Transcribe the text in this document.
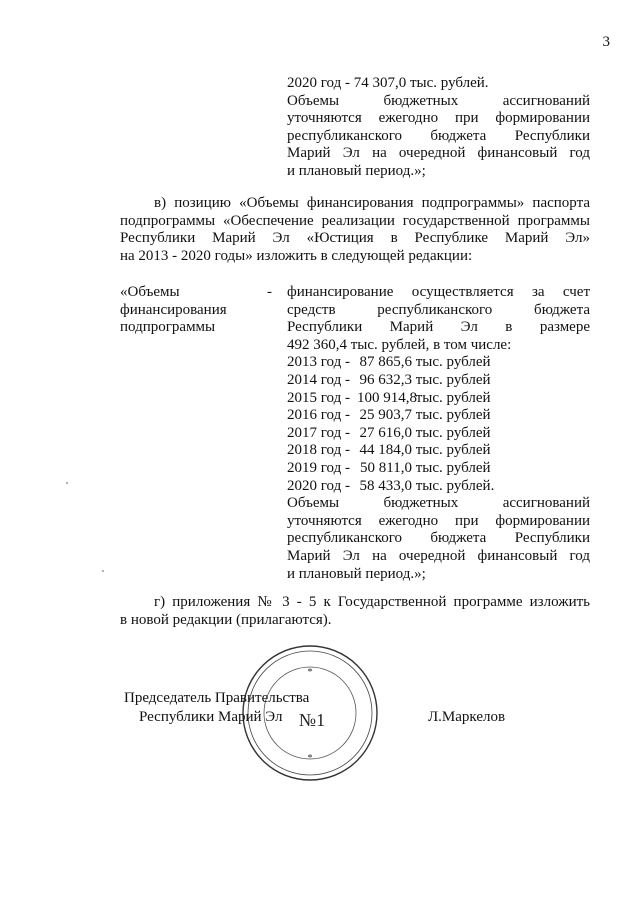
3
2020 год - 74 307,0 тыс. рублей.
Объемы бюджетных ассигнований
уточняются ежегодно при формировании
республиканского бюджета Республики
Марий Эл на очередной финансовый год
и плановый период.»;
в) позицию «Объемы финансирования подпрограммы» паспорта
подпрограммы «Обеспечение реализации государственной программы
Республики Марий Эл «Юстиция в Республике Марий Эл»
на 2013 - 2020 годы» изложить в следующей редакции:
«Объемы
финансирования
подпрограммы
- финансирование осуществляется за счет
средств республиканского бюджета
Республики Марий Эл в размере
492 360,4 тыс. рублей, в том числе:
2013 год - 87 865,6 тыс. рублей
2014 год - 96 632,3 тыс. рублей
2015 год - 100 914,8 тыс. рублей
2016 год - 25 903,7 тыс. рублей
2017 год - 27 616,0 тыс. рублей
2018 год - 44 184,0 тыс. рублей
2019 год - 50 811,0 тыс. рублей
2020 год - 58 433,0 тыс. рублей.
Объемы бюджетных ассигнований
уточняются ежегодно при формировании
республиканского бюджета Республики
Марий Эл на очередной финансовый год
и плановый период.»;
г) приложения № 3 - 5 к Государственной программе изложить
в новой редакции (прилагаются).
*
*
№1
Председатель Правительства
Республики Марий Эл	Л.Маркелов
